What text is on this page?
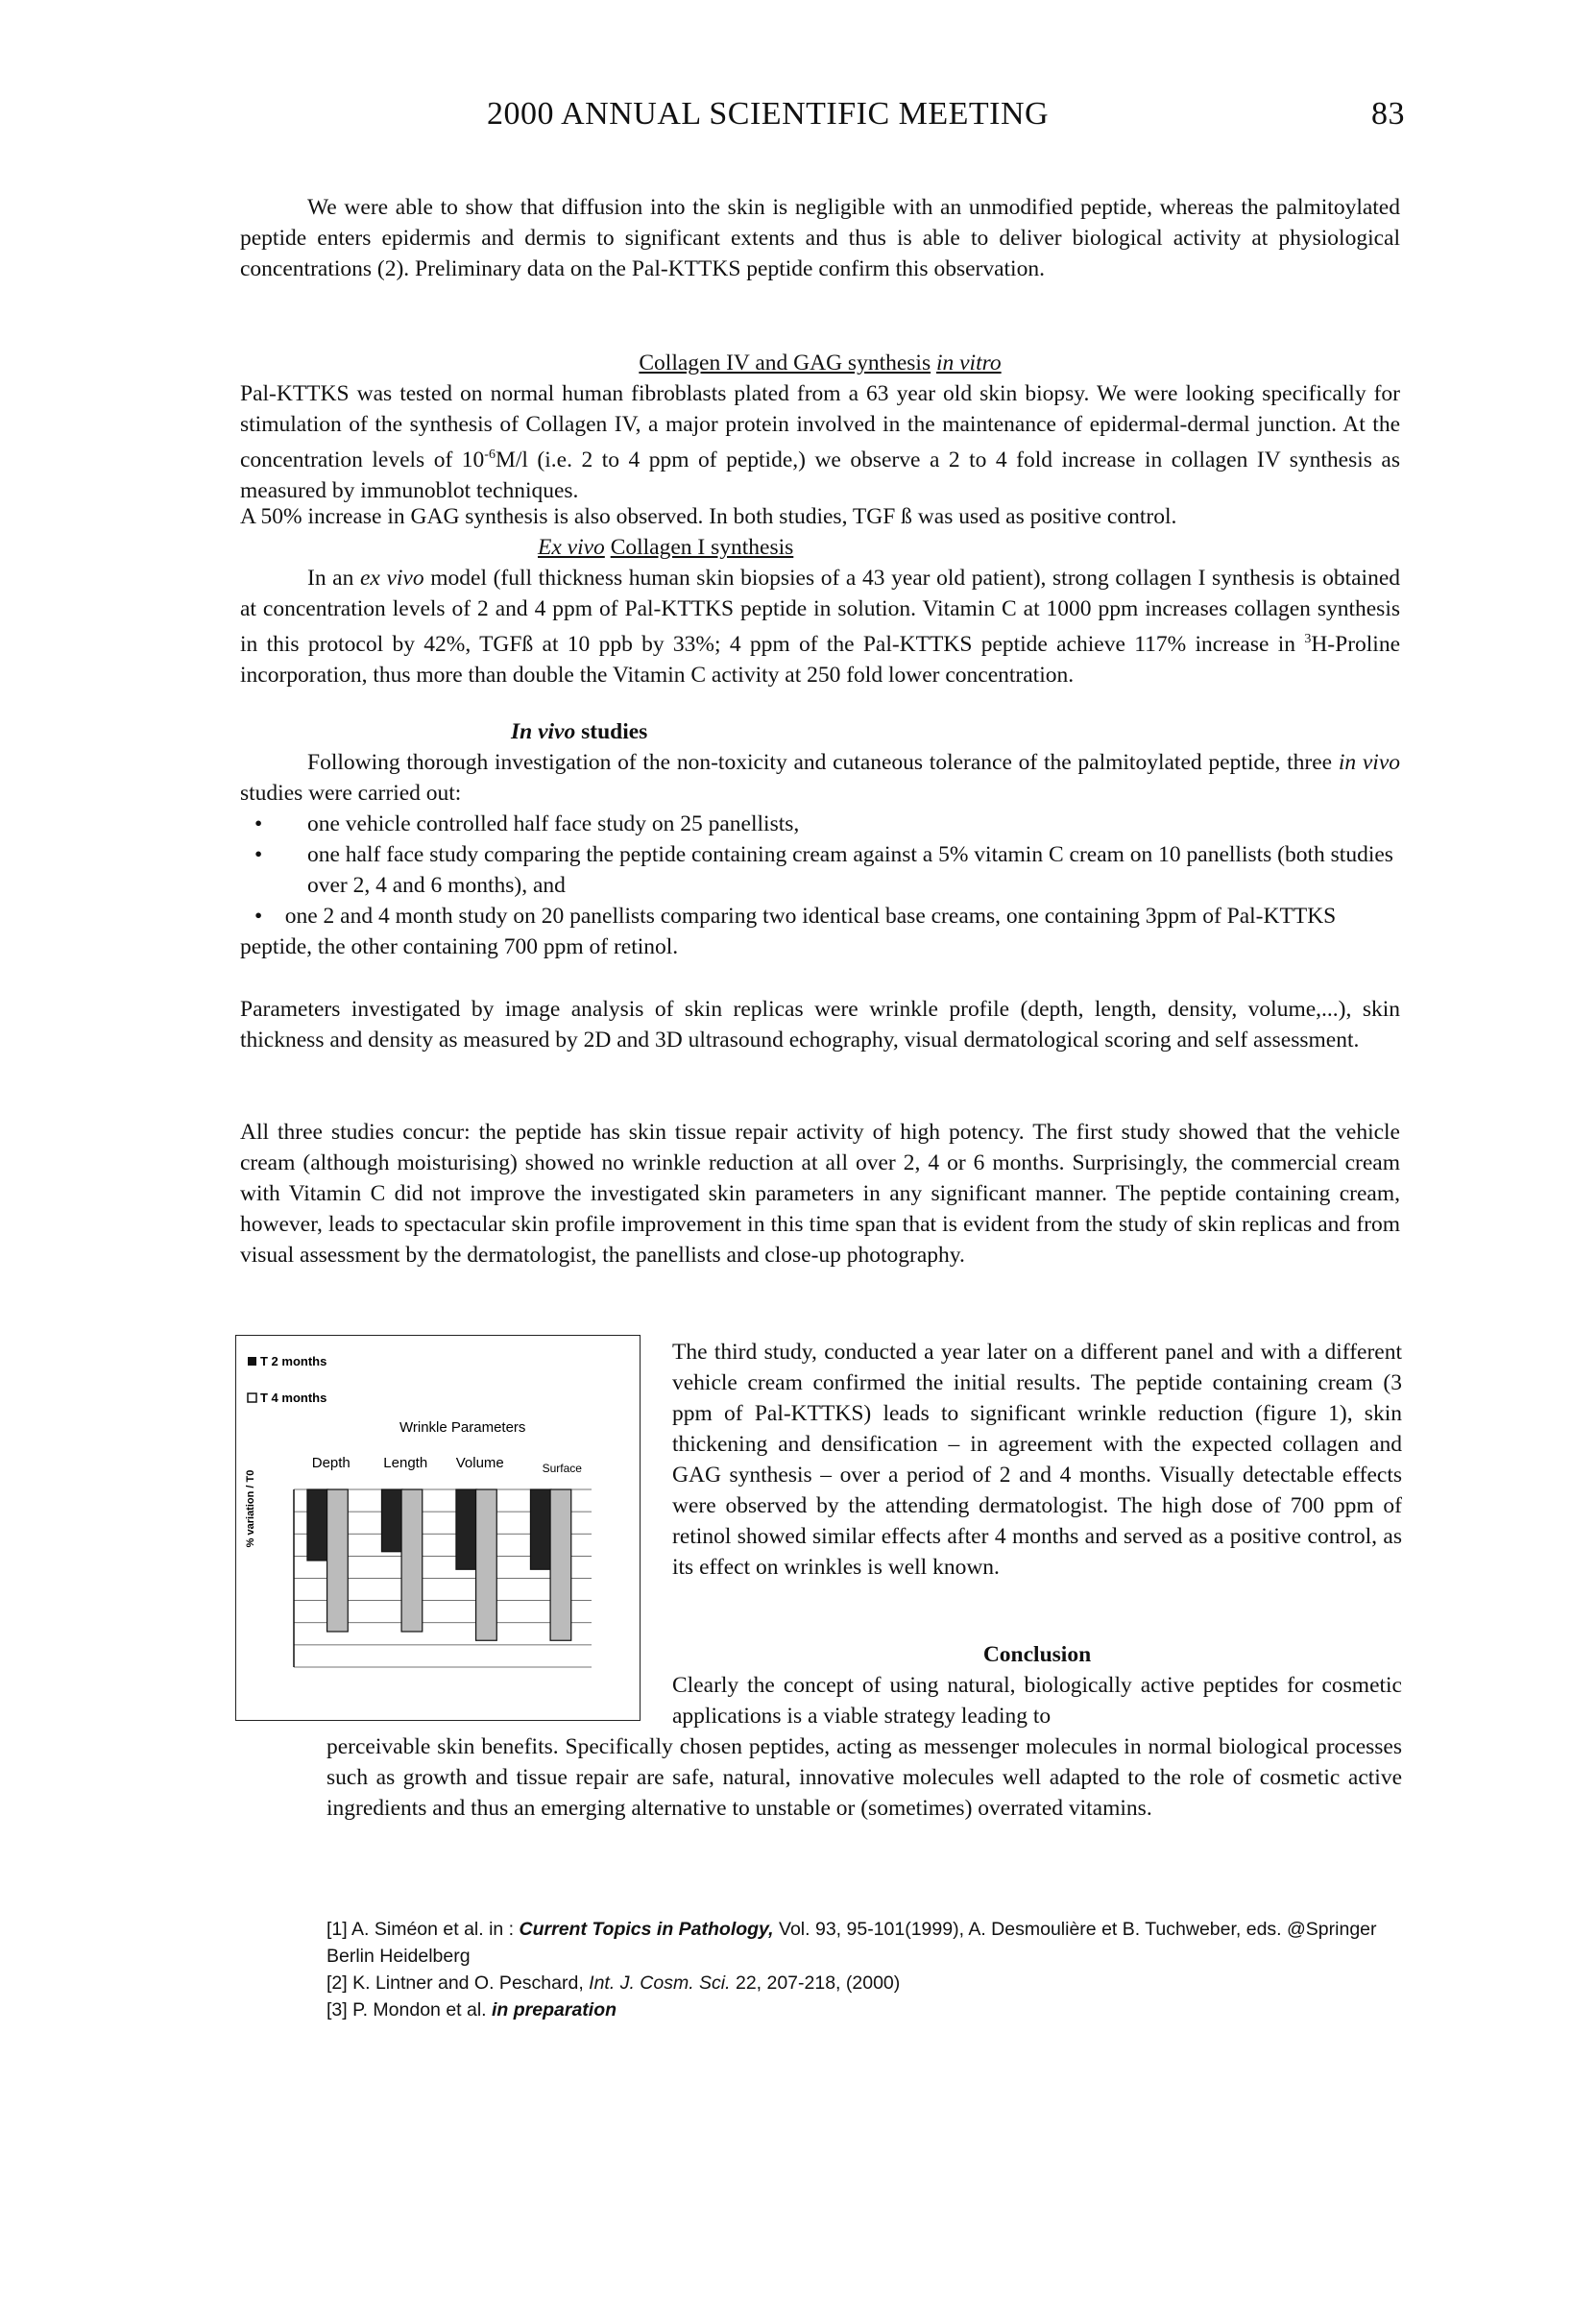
2000 ANNUAL SCIENTIFIC MEETING	83
We were able to show that diffusion into the skin is negligible with an unmodified peptide, whereas the palmitoylated peptide enters epidermis and dermis to significant extents and thus is able to deliver biological activity at physiological concentrations (2). Preliminary data on the Pal-KTTKS peptide confirm this observation.
Collagen IV and GAG synthesis in vitro
Pal-KTTKS was tested on normal human fibroblasts plated from a 63 year old skin biopsy. We were looking specifically for stimulation of the synthesis of Collagen IV, a major protein involved in the maintenance of epidermal-dermal junction. At the concentration levels of $10^{-6}M/l$ (i.e. 2 to 4 ppm of peptide,) we observe a 2 to 4 fold increase in collagen IV synthesis as measured by immunoblot techniques.
A 50% increase in GAG synthesis is also observed. In both studies, TGF ß was used as positive control.
Ex vivo Collagen I synthesis
In an ex vivo model (full thickness human skin biopsies of a 43 year old patient), strong collagen I synthesis is obtained at concentration levels of 2 and 4 ppm of Pal-KTTKS peptide in solution. Vitamin C at 1000 ppm increases collagen synthesis in this protocol by 42%, TGFß at 10 ppb by 33%; 4 ppm of the Pal-KTTKS peptide achieve 117% increase in $^3$H-Proline incorporation, thus more than double the Vitamin C activity at 250 fold lower concentration.
In vivo studies
Following thorough investigation of the non-toxicity and cutaneous tolerance of the palmitoylated peptide, three in vivo studies were carried out:
• one vehicle controlled half face study on 25 panellists,
•	one half face study comparing the peptide containing cream against a 5% vitamin C cream on 10 panellists (both studies over 2, 4 and 6 months), and
• one 2 and 4 month study on 20 panellists comparing two identical base creams, one containing 3ppm of Pal-KTTKS peptide, the other containing 700 ppm of retinol.
Parameters investigated by image analysis of skin replicas were wrinkle profile (depth, length, density, volume,...), skin thickness and density as measured by 2D and 3D ultrasound echography, visual dermatological scoring and self assessment.
All three studies concur: the peptide has skin tissue repair activity of high potency. The first study showed that the vehicle cream (although moisturising) showed no wrinkle reduction at all over 2, 4 or 6 months. Surprisingly, the commercial cream with Vitamin C did not improve the investigated skin parameters in any significant manner. The peptide containing cream, however, leads to spectacular skin profile improvement in this time span that is evident from the study of skin replicas and from visual assessment by the dermatologist, the panellists and close-up photography.
T 2 months
T 4 months
Wrinkle Parameters
% variation / T0
Depth Length Volume	Surface
The third study, conducted a year later on a different panel and with a different vehicle cream confirmed the initial results. The peptide containing cream (3 ppm of Pal-KTTKS) leads to significant wrinkle reduction (figure 1), skin thickening and densification – in agreement with the expected collagen and GAG synthesis – over a period of 2 and 4 months. Visually detectable effects were observed by the attending dermatologist. The high dose of 700 ppm of retinol showed similar effects after 4 months and served as a positive control, as its effect on wrinkles is well known.
Conclusion
Clearly the concept of using natural, biologically active peptides for cosmetic applications is a viable strategy leading to
perceivable skin benefits. Specifically chosen peptides, acting as messenger molecules in normal biological processes such as growth and tissue repair are safe, natural, innovative molecules well adapted to the role of cosmetic active ingredients and thus an emerging alternative to unstable or (sometimes) overrated vitamins.
[1] A. Siméon et al. in : Current Topics in Pathology, Vol. 93, 95-101(1999), A. Desmoulière et B. Tuchweber, eds. @Springer Berlin Heidelberg
[2] K. Lintner and O. Peschard, Int. J. Cosm. Sci. 22, 207-218, (2000)
[3] P. Mondon et al. in preparation
